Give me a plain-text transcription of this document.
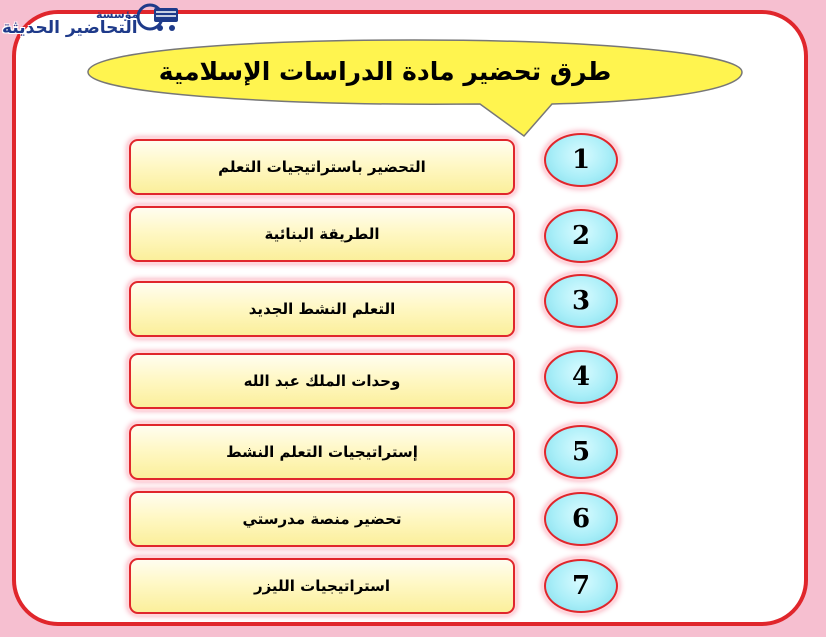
مؤسسة
التحاضير الحديثة
طرق تحضير مادة الدراسات الإسلامية
التحضير باستراتيجيات التعلم	1
الطريقة البنائية	2
التعلم النشط الجديد	3
وحدات الملك عبد الله	4
إستراتيجيات التعلم النشط	5
تحضير منصة مدرستي	6
استراتيجيات الليزر	7
